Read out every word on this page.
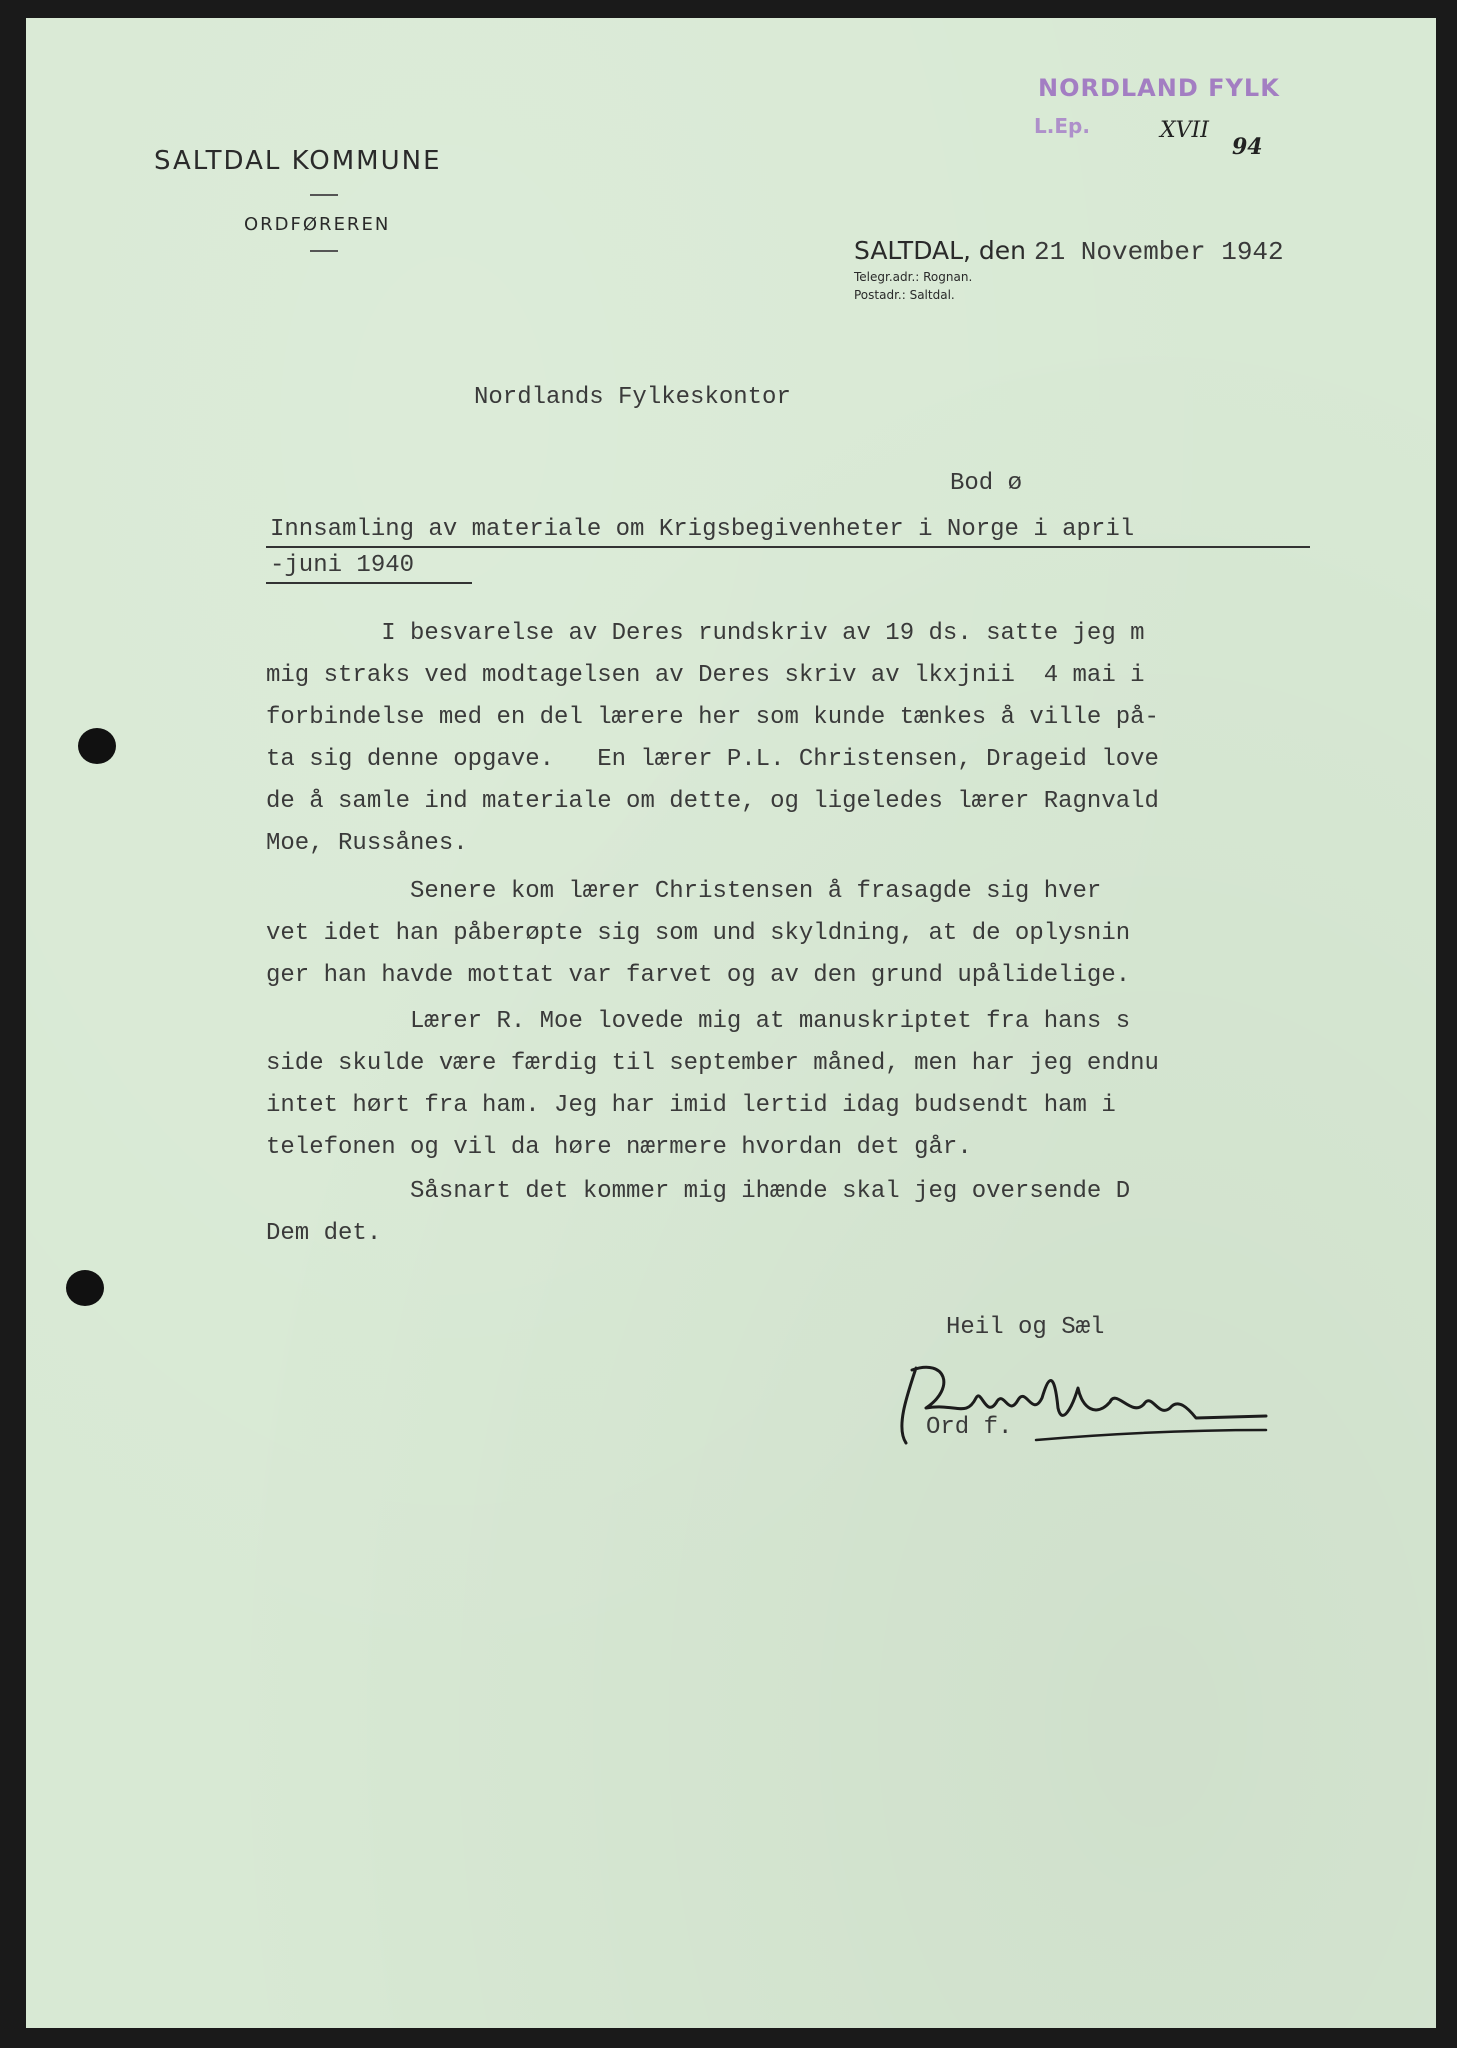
SALTDAL KOMMUNE
ORDFØREREN
SALTDAL, den 21 November 1942
Telegr.adr.: Rognan.
Postadr.: Saltdal.
NORDLAND FYLK
L.Ep.	XVII
94
Nordlands Fylkeskontor
Bod ø
Innsamling av materiale om Krigsbegivenheter i Norge i april
-juni 1940
I besvarelse av Deres rundskriv av 19 ds. satte jeg m
mig straks ved modtagelsen av Deres skriv av lkxjnii  4 mai i
forbindelse med en del lærere her som kunde tænkes å ville på-
ta sig denne opgave.   En lærer P.L. Christensen, Drageid love
de å samle ind materiale om dette, og ligeledes lærer Ragnvald
Moe, Russånes.
Senere kom lærer Christensen å frasagde sig hver
vet idet han påberøpte sig som und skyldning, at de oplysnin
ger han havde mottat var farvet og av den grund upålidelige.
Lærer R. Moe lovede mig at manuskriptet fra hans s
side skulde være færdig til september måned, men har jeg endnu
intet hørt fra ham. Jeg har imid lertid idag budsendt ham i
telefonen og vil da høre nærmere hvordan det går.
Såsnart det kommer mig ihænde skal jeg oversende D
Dem det.
Heil og Sæl
Ord f.
